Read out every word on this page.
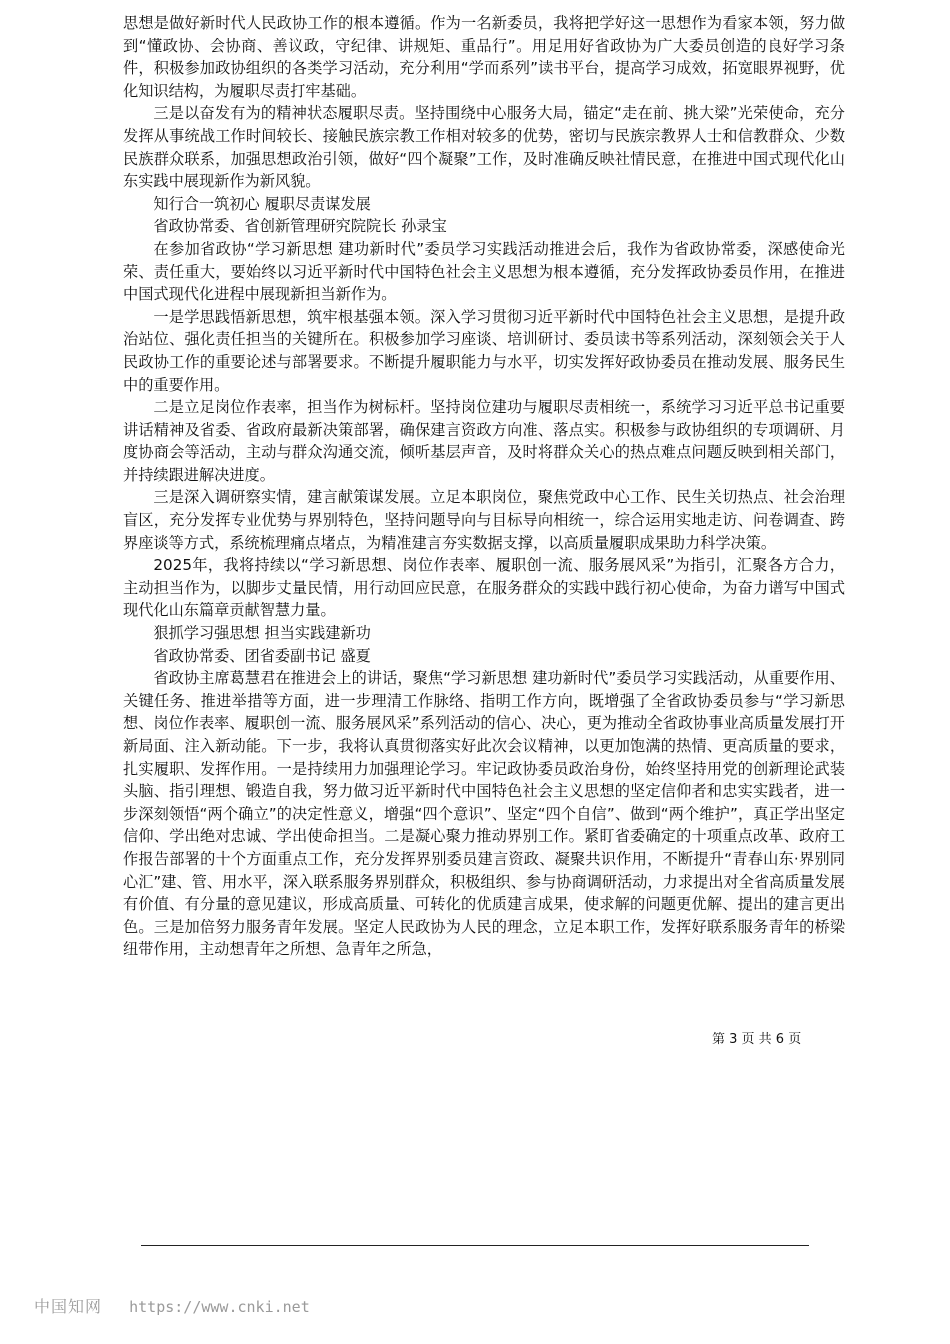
思想是做好新时代人民政协工作的根本遵循。作为一名新委员，我将把学好这一思想作为看家本领，努力做到“懂政协、会协商、善议政，守纪律、讲规矩、重品行”。用足用好省政协为广大委员创造的良好学习条件，积极参加政协组织的各类学习活动，充分利用“学而系列”读书平台，提高学习成效，拓宽眼界视野，优化知识结构，为履职尽责打牢基础。

三是以奋发有为的精神状态履职尽责。坚持围绕中心服务大局，锚定“走在前、挑大梁”光荣使命，充分发挥从事统战工作时间较长、接触民族宗教工作相对较多的优势，密切与民族宗教界人士和信教群众、少数民族群众联系，加强思想政治引领，做好“四个凝聚”工作，及时准确反映社情民意，在推进中国式现代化山东实践中展现新作为新风貌。

知行合一筑初心 履职尽责谋发展

省政协常委、省创新管理研究院院长 孙录宝

在参加省政协“学习新思想 建功新时代”委员学习实践活动推进会后，我作为省政协常委，深感使命光荣、责任重大，要始终以习近平新时代中国特色社会主义思想为根本遵循，充分发挥政协委员作用，在推进中国式现代化进程中展现新担当新作为。

一是学思践悟新思想，筑牢根基强本领。深入学习贯彻习近平新时代中国特色社会主义思想，是提升政治站位、强化责任担当的关键所在。积极参加学习座谈、培训研讨、委员读书等系列活动，深刻领会关于人民政协工作的重要论述与部署要求。不断提升履职能力与水平，切实发挥好政协委员在推动发展、服务民生中的重要作用。

二是立足岗位作表率，担当作为树标杆。坚持岗位建功与履职尽责相统一，系统学习习近平总书记重要讲话精神及省委、省政府最新决策部署，确保建言资政方向准、落点实。积极参与政协组织的专项调研、月度协商会等活动，主动与群众沟通交流，倾听基层声音，及时将群众关心的热点难点问题反映到相关部门，并持续跟进解决进度。

三是深入调研察实情，建言献策谋发展。立足本职岗位，聚焦党政中心工作、民生关切热点、社会治理盲区，充分发挥专业优势与界别特色，坚持问题导向与目标导向相统一，综合运用实地走访、问卷调查、跨界座谈等方式，系统梳理痛点堵点，为精准建言夯实数据支撑，以高质量履职成果助力科学决策。

2025年，我将持续以“学习新思想、岗位作表率、履职创一流、服务展风采”为指引，汇聚各方合力，主动担当作为，以脚步丈量民情，用行动回应民意，在服务群众的实践中践行初心使命，为奋力谱写中国式现代化山东篇章贡献智慧力量。

狠抓学习强思想 担当实践建新功

省政协常委、团省委副书记 盛夏

省政协主席葛慧君在推进会上的讲话，聚焦“学习新思想 建功新时代”委员学习实践活动，从重要作用、关键任务、推进举措等方面，进一步理清工作脉络、指明工作方向，既增强了全省政协委员参与“学习新思想、岗位作表率、履职创一流、服务展风采”系列活动的信心、决心，更为推动全省政协事业高质量发展打开新局面、注入新动能。下一步，我将认真贯彻落实好此次会议精神，以更加饱满的热情、更高质量的要求，扎实履职、发挥作用。一是持续用力加强理论学习。牢记政协委员政治身份，始终坚持用党的创新理论武装头脑、指引理想、锻造自我，努力做习近平新时代中国特色社会主义思想的坚定信仰者和忠实实践者，进一步深刻领悟“两个确立”的决定性意义，增强“四个意识”、坚定“四个自信”、做到“两个维护”，真正学出坚定信仰、学出绝对忠诚、学出使命担当。二是凝心聚力推动界别工作。紧盯省委确定的十项重点改革、政府工作报告部署的十个方面重点工作，充分发挥界别委员建言资政、凝聚共识作用，不断提升“青春山东·界别同心汇”建、管、用水平，深入联系服务界别群众，积极组织、参与协商调研活动，力求提出对全省高质量发展有价值、有分量的意见建议，形成高质量、可转化的优质建言成果，使求解的问题更优解、提出的建言更出色。三是加倍努力服务青年发展。坚定人民政协为人民的理念，立足本职工作，发挥好联系服务青年的桥梁纽带作用，主动想青年之所想、急青年之所急，

第 3 页 共 6 页
中国知网 https://www.cnki.net
